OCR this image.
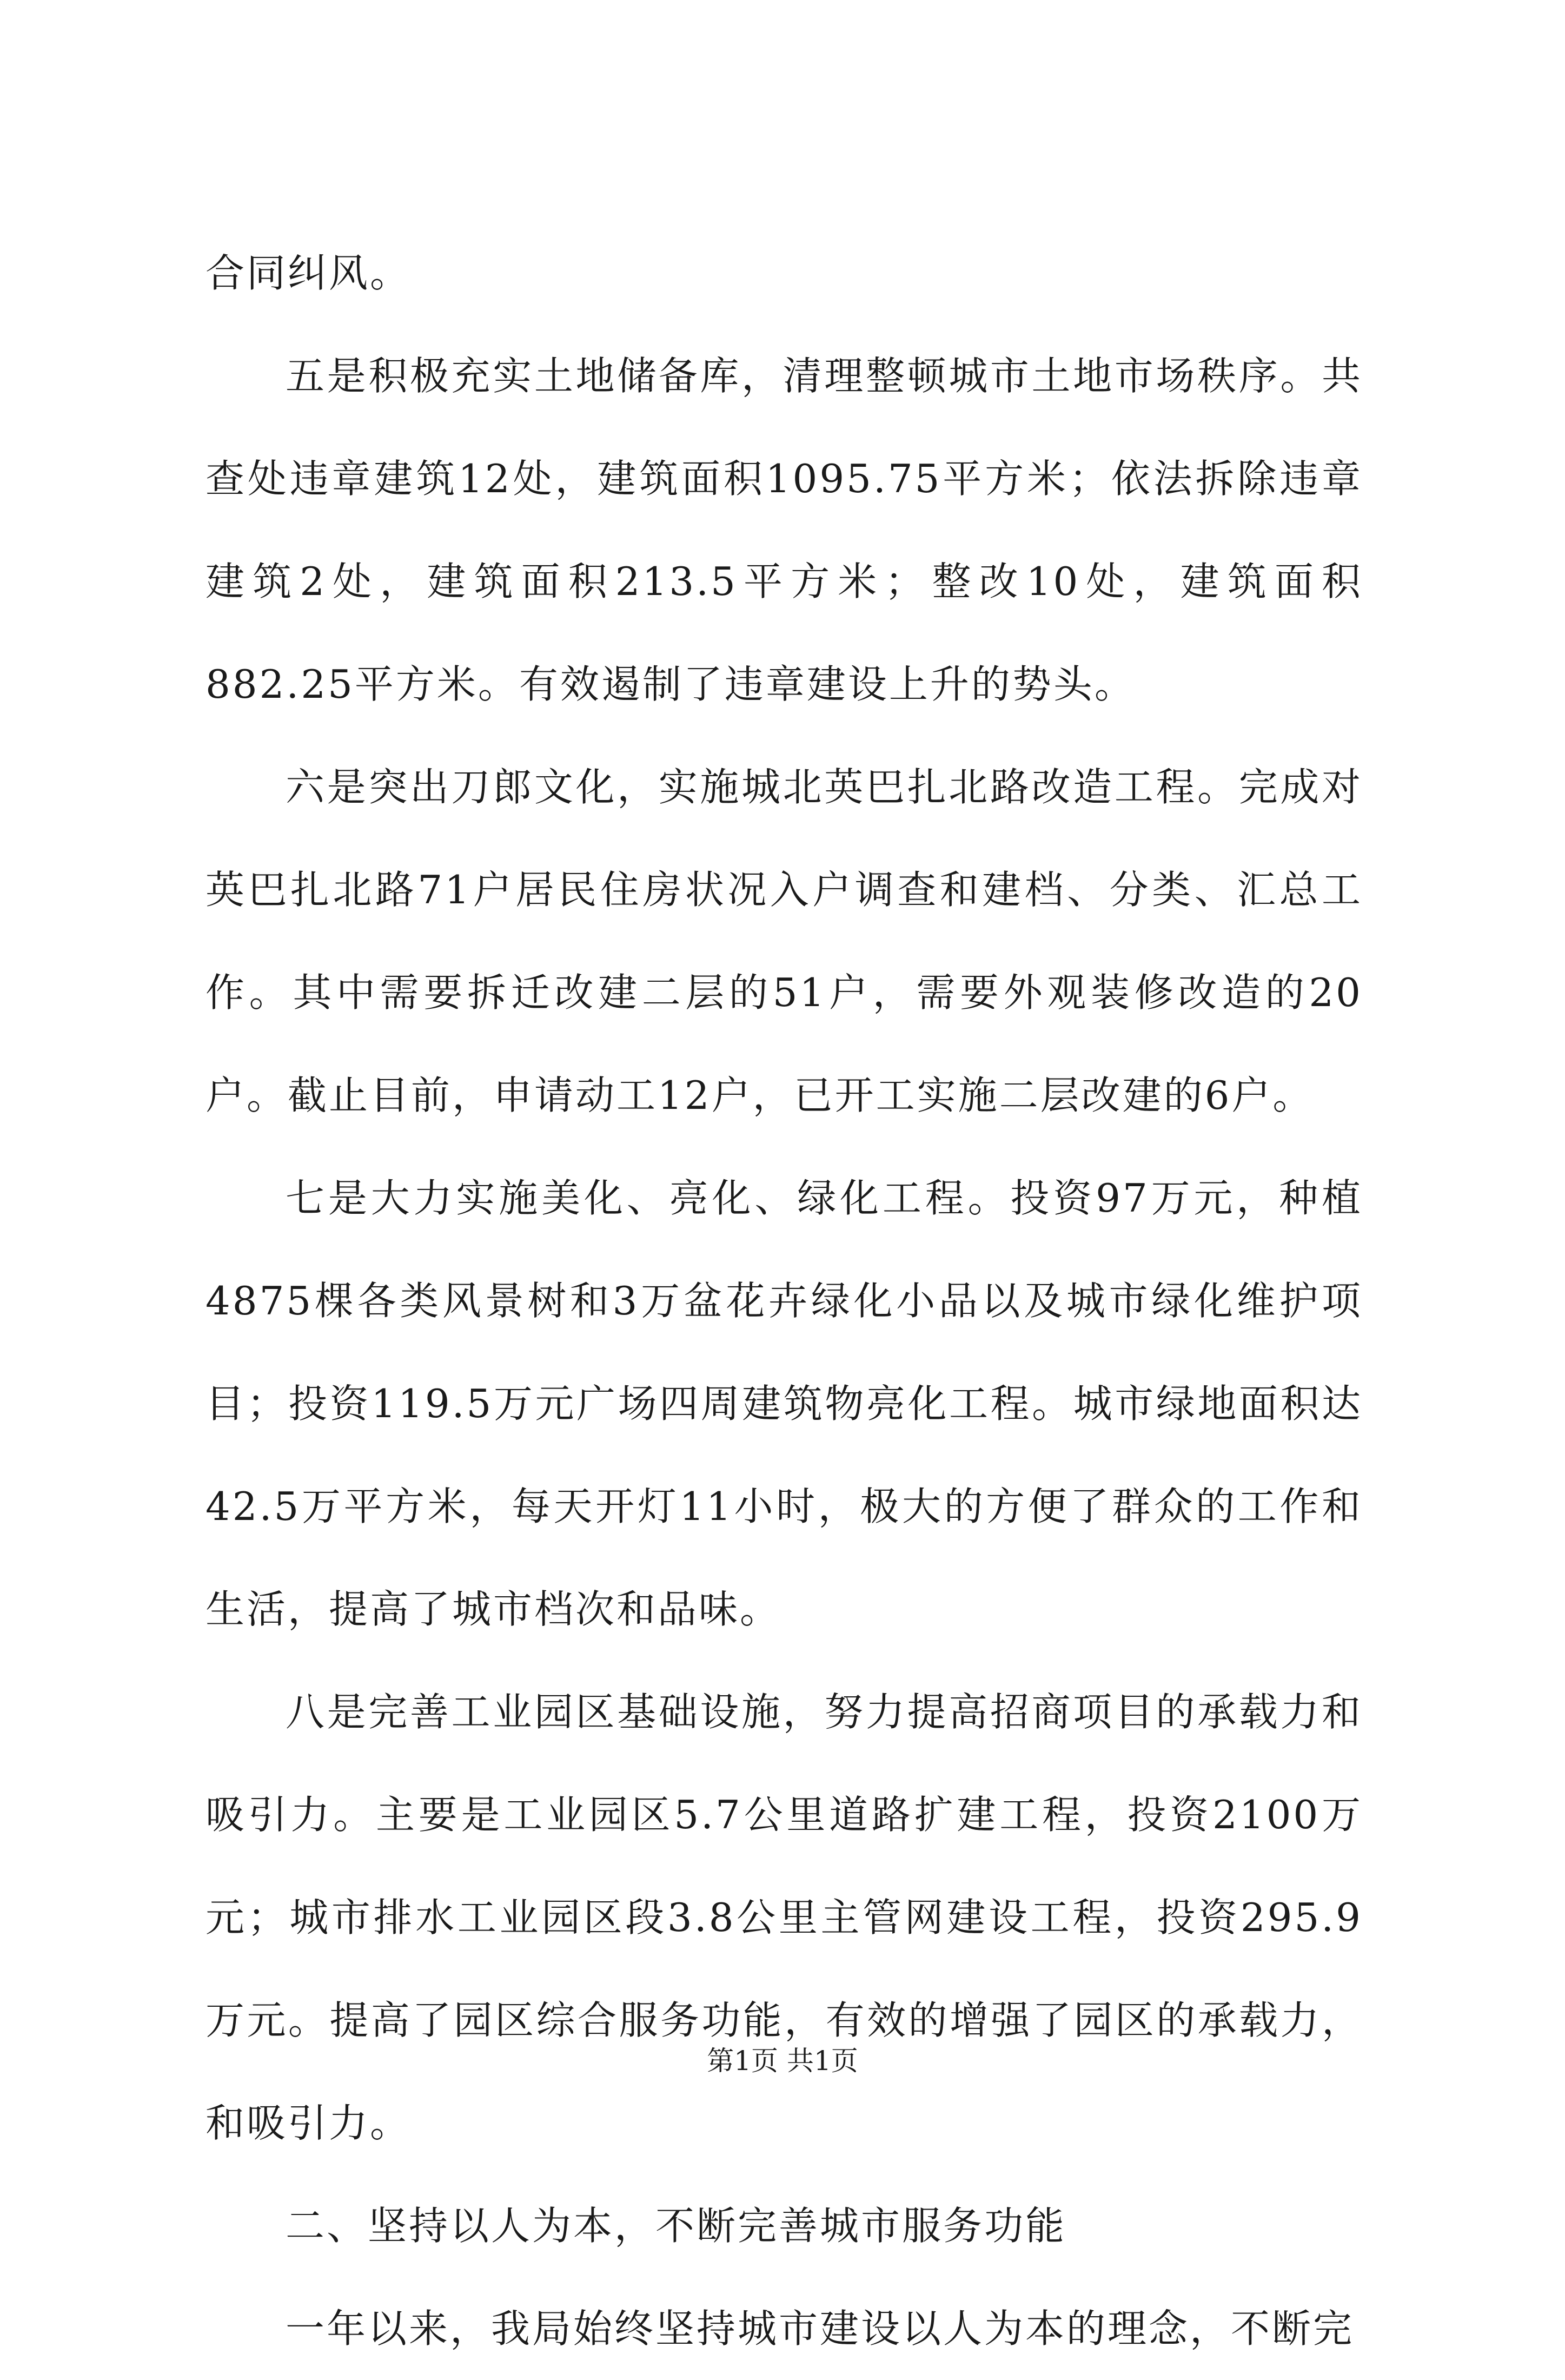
合同纠风。

五是积极充实土地储备库，清理整顿城市土地市场秩序。共查处违章建筑12处，建筑面积1095.75平方米；依法拆除违章建筑2处，建筑面积213.5平方米；整改10处，建筑面积882.25平方米。有效遏制了违章建设上升的势头。

六是突出刀郎文化，实施城北英巴扎北路改造工程。完成对英巴扎北路71户居民住房状况入户调查和建档、分类、汇总工作。其中需要拆迁改建二层的51户，需要外观装修改造的20户。截止目前，申请动工12户，已开工实施二层改建的6户。

七是大力实施美化、亮化、绿化工程。投资97万元，种植4875棵各类风景树和3万盆花卉绿化小品以及城市绿化维护项目；投资119.5万元广场四周建筑物亮化工程。城市绿地面积达42.5万平方米，每天开灯11小时，极大的方便了群众的工作和生活，提高了城市档次和品味。

八是完善工业园区基础设施，努力提高招商项目的承载力和吸引力。主要是工业园区5.7公里道路扩建工程，投资2100万元；城市排水工业园区段3.8公里主管网建设工程，投资295.9万元。提高了园区综合服务功能，有效的增强了园区的承载力，和吸引力。

二、坚持以人为本，不断完善城市服务功能

一年以来，我局始终坚持城市建设以人为本的理念，不断完

第1页 共1页
